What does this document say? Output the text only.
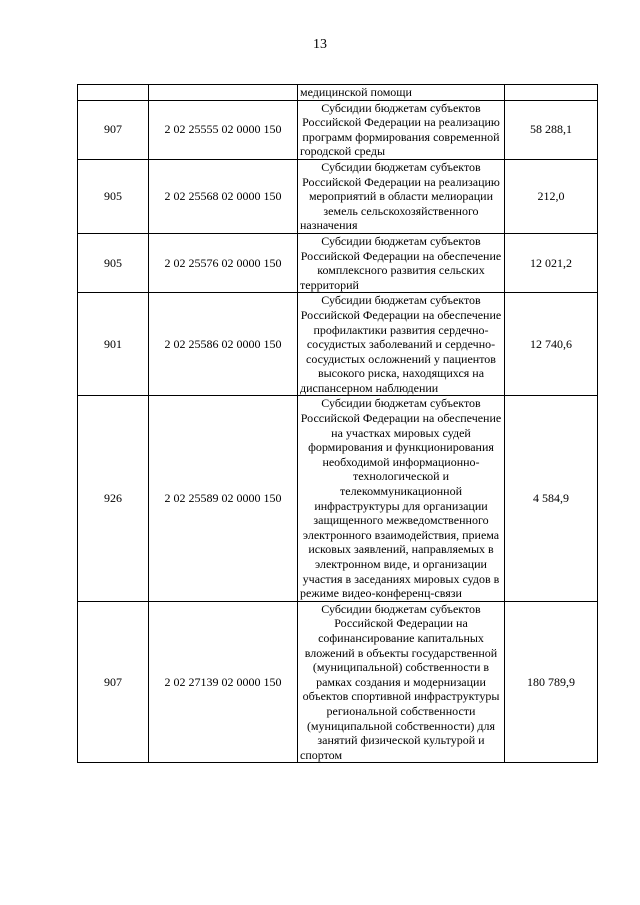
13
		медицинской помощи	
907	2 02 25555 02 0000 150	Субсидии бюджетам субъектов Российской Федерации на реализацию программ формирования современной городской среды	58 288,1
905	2 02 25568 02 0000 150	Субсидии бюджетам субъектов Российской Федерации на реализацию мероприятий в области мелиорации земель сельскохозяйственного назначения	212,0
905	2 02 25576 02 0000 150	Субсидии бюджетам субъектов Российской Федерации на обеспечение комплексного развития сельских территорий	12 021,2
901	2 02 25586 02 0000 150	Субсидии бюджетам субъектов Российской Федерации на обеспечение профилактики развития сердечно-сосудистых заболеваний и сердечно-сосудистых осложнений у пациентов высокого риска, находящихся на диспансерном наблюдении	12 740,6
926	2 02 25589 02 0000 150	Субсидии бюджетам субъектов Российской Федерации на обеспечение на участках мировых судей формирования и функционирования необходимой информационно-технологической и телекоммуникационной инфраструктуры для организации защищенного межведомственного электронного взаимодействия, приема исковых заявлений, направляемых в электронном виде, и организации участия в заседаниях мировых судов в режиме видео-конференц-связи	4 584,9
907	2 02 27139 02 0000 150	Субсидии бюджетам субъектов Российской Федерации на софинансирование капитальных вложений в объекты государственной (муниципальной) собственности в рамках создания и модернизации объектов спортивной инфраструктуры региональной собственности (муниципальной собственности) для занятий физической культурой и спортом	180 789,9
